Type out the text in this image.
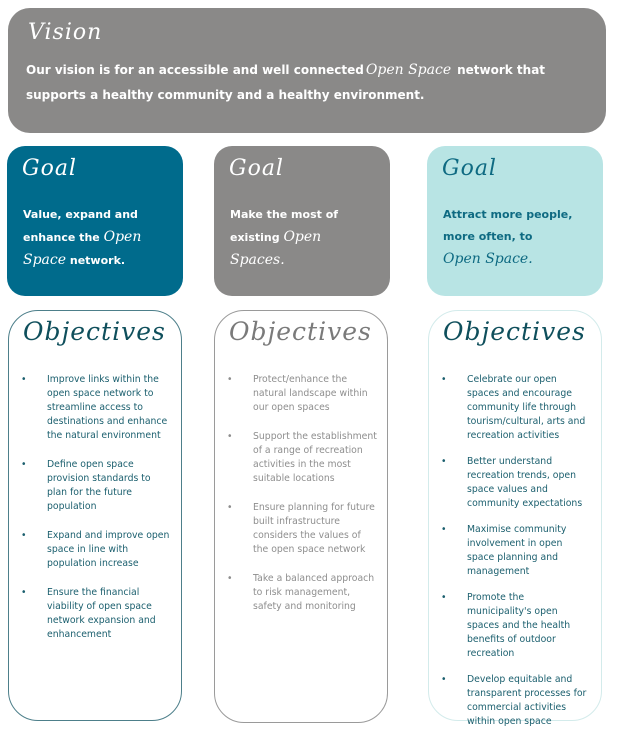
Vision
Our vision is for an accessible and well connected Open Space network that supports a healthy community and a healthy environment.
Goal
Value, expand and enhance the Open Space network.
Goal
Make the most of existing Open Spaces.
Goal
Attract more people, more often, to
Open Space.
Objectives
• Improve links within the open space network to streamline access to destinations and enhance the natural environment
• Define open space provision standards to plan for the future population
• Expand and improve open space in line with population increase
• Ensure the financial viability of open space network expansion and enhancement
Objectives
• Protect/enhance the natural landscape within our open spaces
• Support the establishment of a range of recreation activities in the most suitable locations
• Ensure planning for future built infrastructure considers the values of the open space network
• Take a balanced approach to risk management, safety and monitoring
Objectives
• Celebrate our open spaces and encourage community life through tourism/cultural, arts and recreation activities
• Better understand recreation trends, open space values and community expectations
• Maximise community involvement in open space planning and management
• Promote the municipality's open spaces and the health benefits of outdoor recreation
• Develop equitable and transparent processes for commercial activities within open space
